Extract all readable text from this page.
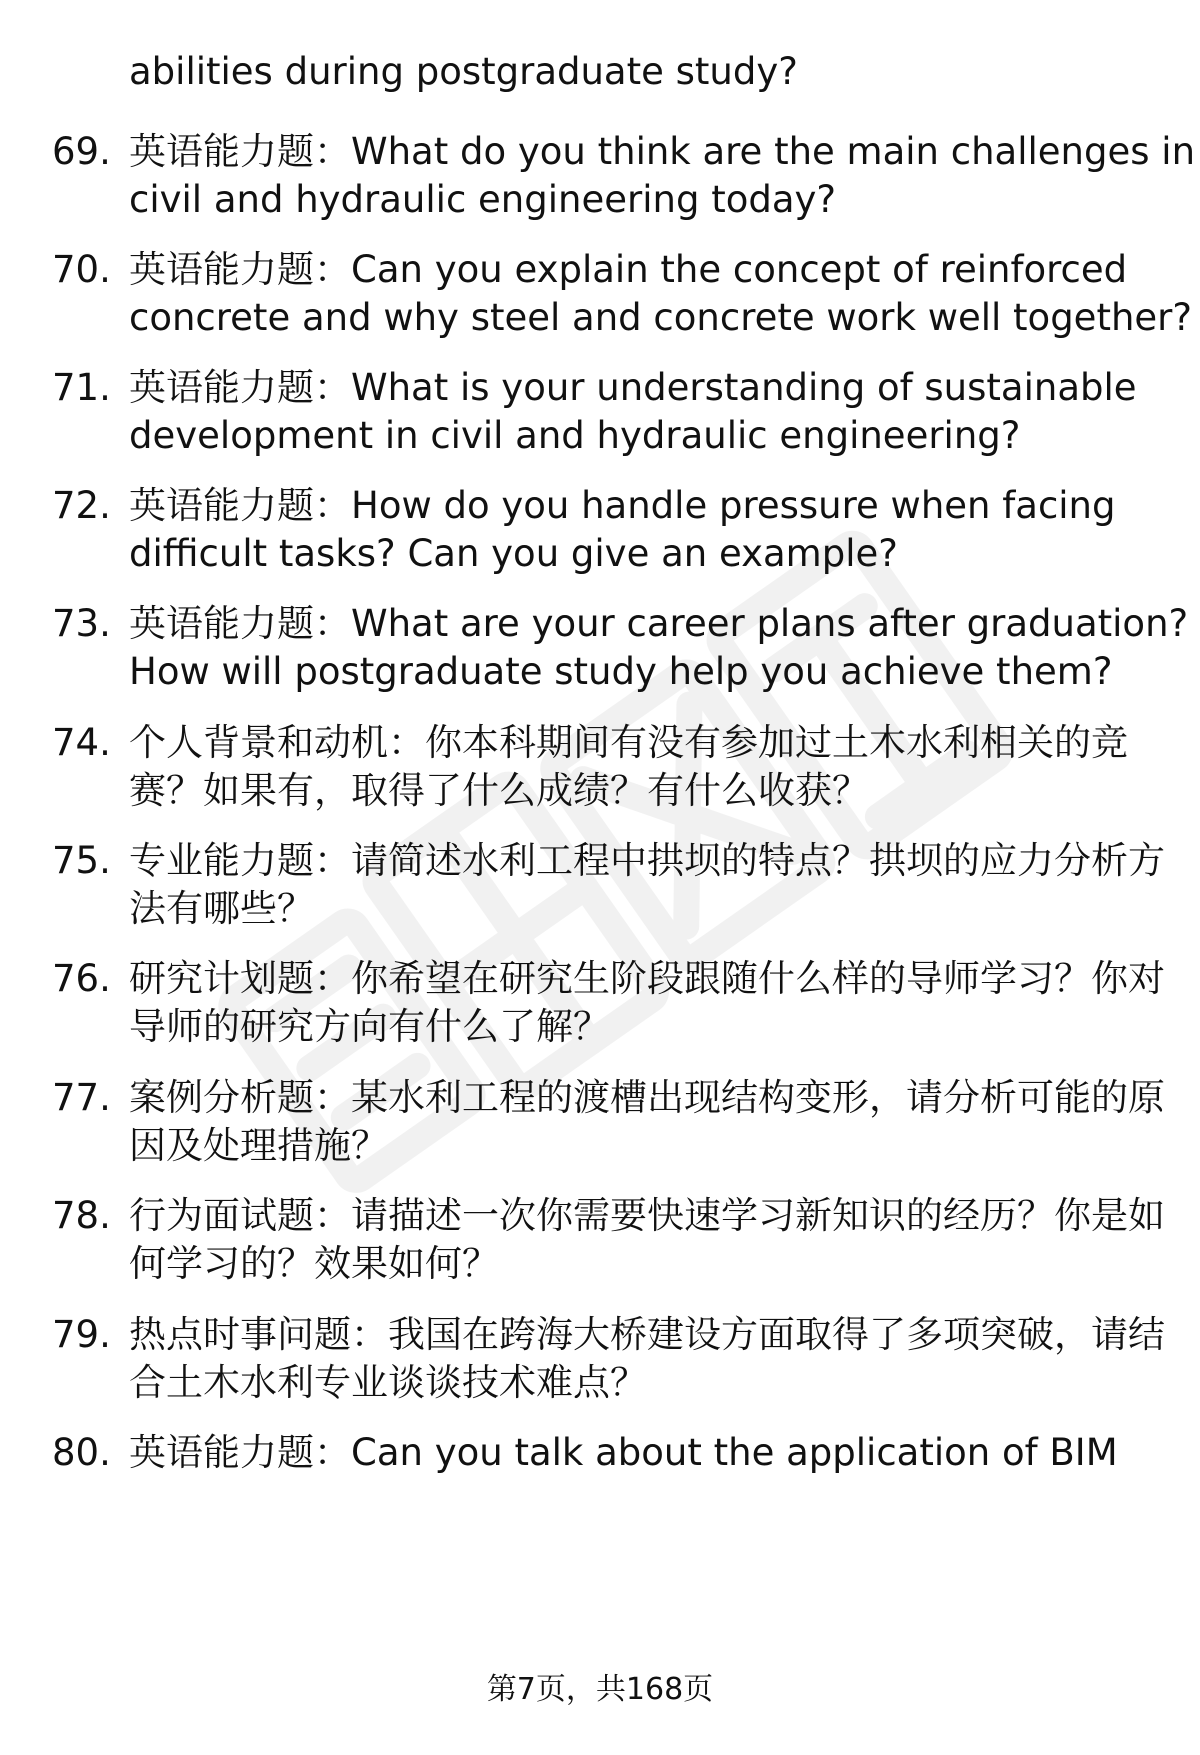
abilities during postgraduate study?
69. 英语能力题：What do you think are the main challenges in
civil and hydraulic engineering today?
70. 英语能力题：Can you explain the concept of reinforced
concrete and why steel and concrete work well together?
71. 英语能力题：What is your understanding of sustainable
development in civil and hydraulic engineering?
72. 英语能力题：How do you handle pressure when facing
difficult tasks? Can you give an example?
73. 英语能力题：What are your career plans after graduation?
How will postgraduate study help you achieve them?
74. 个人背景和动机：你本科期间有没有参加过土木水利相关的竞
赛？如果有，取得了什么成绩？有什么收获？
75. 专业能力题：请简述水利工程中拱坝的特点？拱坝的应力分析方
法有哪些？
76. 研究计划题：你希望在研究生阶段跟随什么样的导师学习？你对
导师的研究方向有什么了解？
77. 案例分析题：某水利工程的渡槽出现结构变形，请分析可能的原
因及处理措施？
78. 行为面试题：请描述一次你需要快速学习新知识的经历？你是如
何学习的？效果如何？
79. 热点时事问题：我国在跨海大桥建设方面取得了多项突破，请结
合土木水利专业谈谈技术难点？
80. 英语能力题：Can you talk about the application of BIM
第7页，共168页
